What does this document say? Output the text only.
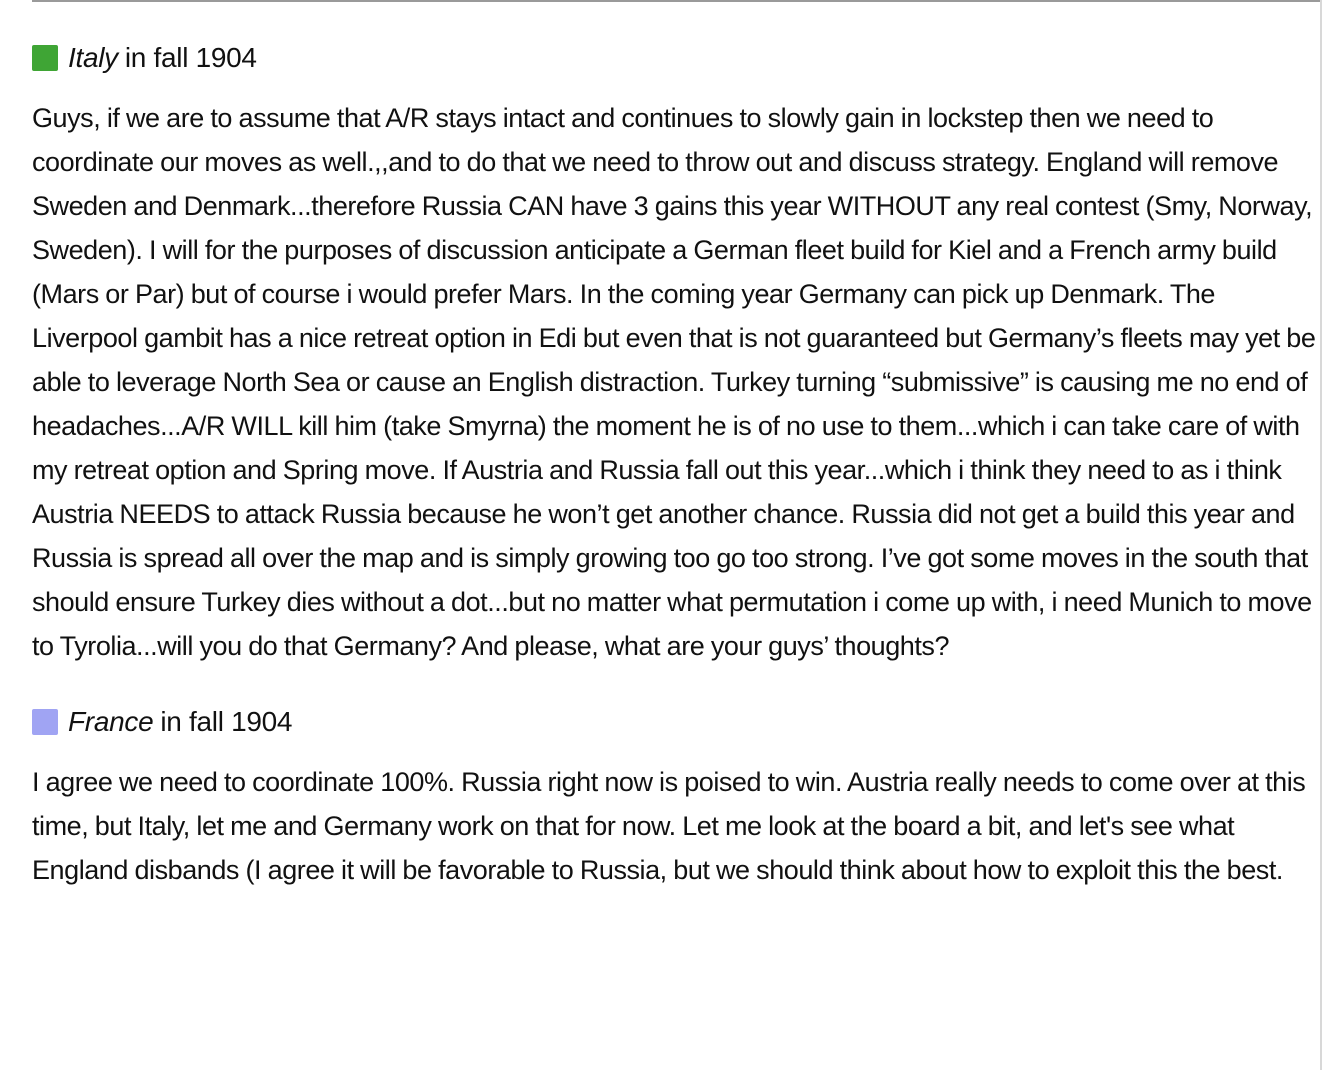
Italy in fall 1904

Guys, if we are to assume that A/R stays intact and continues to slowly gain in lockstep then we need to coordinate our moves as well.,,and to do that we need to throw out and discuss strategy. England will remove Sweden and Denmark...therefore Russia CAN have 3 gains this year WITHOUT any real contest (Smy, Norway, Sweden). I will for the purposes of discussion anticipate a German fleet build for Kiel and a French army build (Mars or Par) but of course i would prefer Mars. In the coming year Germany can pick up Denmark. The Liverpool gambit has a nice retreat option in Edi but even that is not guaranteed but Germany’s fleets may yet be able to leverage North Sea or cause an English distraction. Turkey turning “submissive” is causing me no end of headaches...A/R WILL kill him (take Smyrna) the moment he is of no use to them...which i can take care of with my retreat option and Spring move. If Austria and Russia fall out this year...which i think they need to as i think Austria NEEDS to attack Russia because he won’t get another chance. Russia did not get a build this year and Russia is spread all over the map and is simply growing too go too strong. I’ve got some moves in the south that should ensure Turkey dies without a dot...but no matter what permutation i come up with, i need Munich to move to Tyrolia...will you do that Germany? And please, what are your guys’ thoughts?

France in fall 1904

I agree we need to coordinate 100%. Russia right now is poised to win. Austria really needs to come over at this time, but Italy, let me and Germany work on that for now. Let me look at the board a bit, and let's see what England disbands (I agree it will be favorable to Russia, but we should think about how to exploit this the best.
